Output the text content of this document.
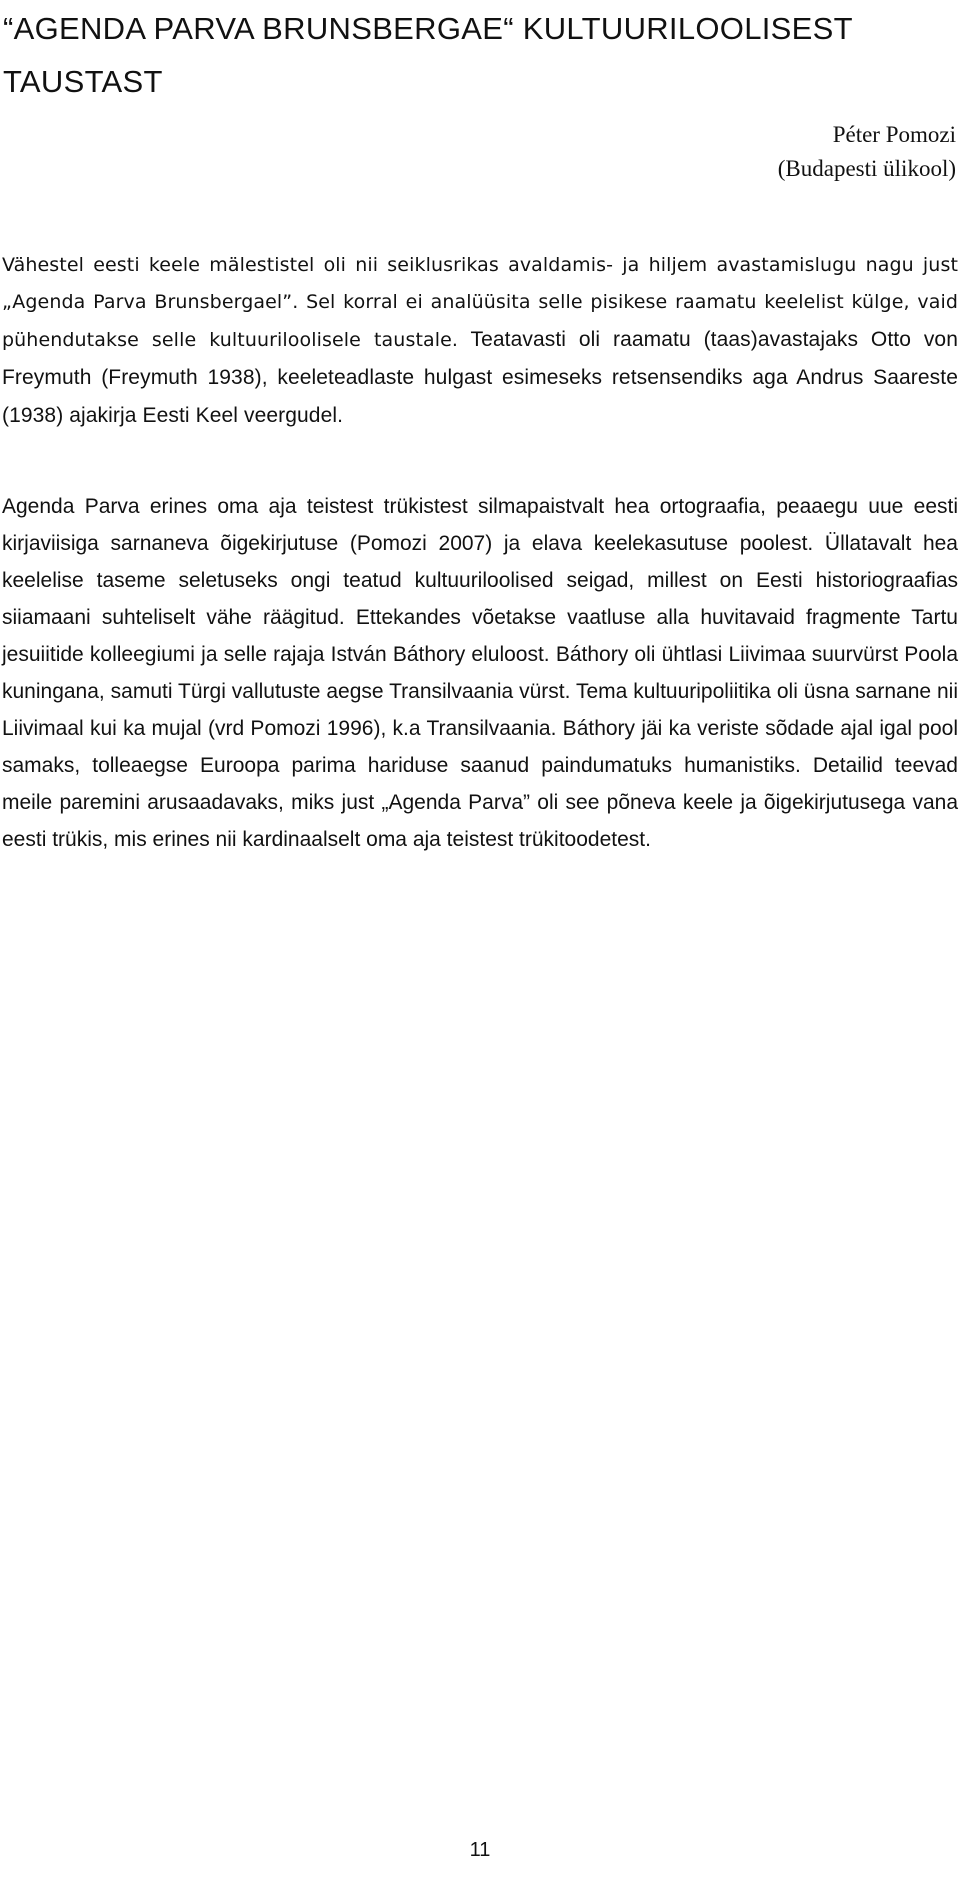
“AGENDA PARVA BRUNSBERGAE“ KULTUURILOOLISEST TAUSTAST
Péter Pomozi
(Budapesti ülikool)

Vähestel eesti keele mälestistel oli nii seiklusrikas avaldamis- ja hiljem avastamislugu nagu just „Agenda Parva Brunsbergael”. Sel korral ei analüüsita selle pisikese raamatu keelelist külge, vaid pühendutakse selle kultuuriloolisele taustale. Teatavasti oli raamatu (taas)avastajaks Otto von Freymuth (Freymuth 1938), keeleteadlaste hulgast esimeseks retsensendiks aga Andrus Saareste (1938) ajakirja Eesti Keel veergudel.

Agenda Parva erines oma aja teistest trükistest silmapaistvalt hea ortograafia, peaaegu uue eesti kirjaviisiga sarnaneva õigekirjutuse (Pomozi 2007) ja elava keelekasutuse poolest. Üllatavalt hea keelelise taseme seletuseks ongi teatud kultuuriloolised seigad, millest on Eesti historiograafias siiamaani suhteliselt vähe räägitud. Ettekandes võetakse vaatluse alla huvitavaid fragmente Tartu jesuiitide kolleegiumi ja selle rajaja István Báthory eluloost. Báthory oli ühtlasi Liivimaa suurvürst Poola kuningana, samuti Türgi vallutuste aegse Transilvaania vürst. Tema kultuuripoliitika oli üsna sarnane nii Liivimaal kui ka mujal (vrd Pomozi 1996), k.a Transilvaania. Báthory jäi ka veriste sõdade ajal igal pool samaks, tolleaegse Euroopa parima hariduse saanud paindumatuks humanistiks. Detailid teevad meile paremini arusaadavaks, miks just „Agenda Parva” oli see põneva keele ja õigekirjutusega vana eesti trükis, mis erines nii kardinaalselt oma aja teistest trükitoodetest.

11
